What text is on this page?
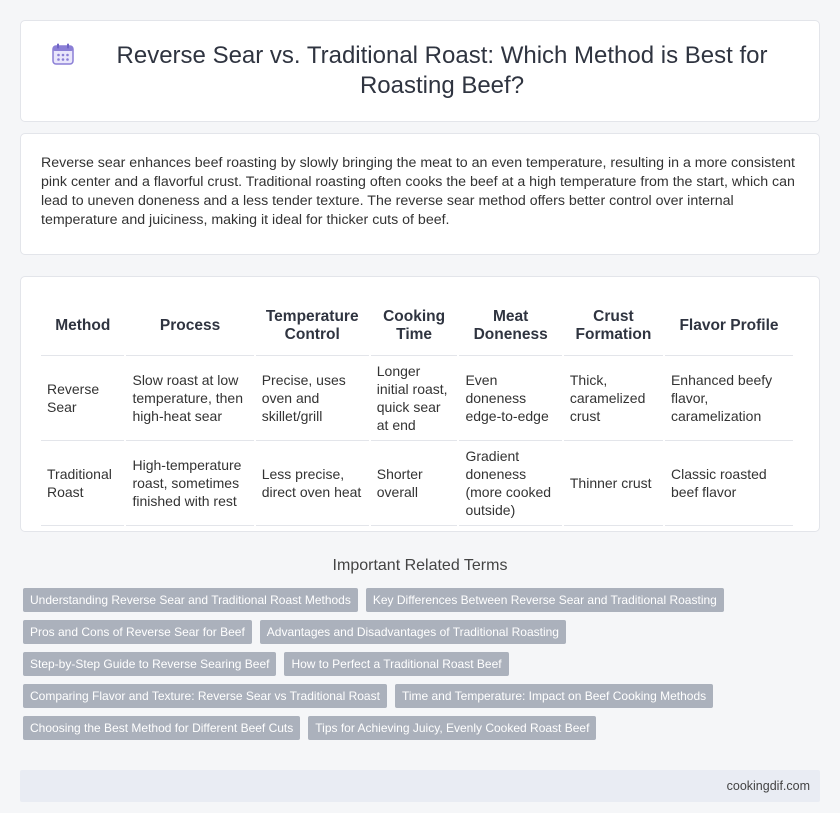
Reverse Sear vs. Traditional Roast: Which Method is Best for Roasting Beef?

Reverse sear enhances beef roasting by slowly bringing the meat to an even temperature, resulting in a more consistent pink center and a flavorful crust. Traditional roasting often cooks the beef at a high temperature from the start, which can lead to uneven doneness and a less tender texture. The reverse sear method offers better control over internal temperature and juiciness, making it ideal for thicker cuts of beef.

Method	Process	Temperature Control	Cooking Time	Meat Doneness	Crust Formation	Flavor Profile
Reverse Sear	Slow roast at low temperature, then high-heat sear	Precise, uses oven and skillet/grill	Longer initial roast, quick sear at end	Even doneness edge-to-edge	Thick, caramelized crust	Enhanced beefy flavor, caramelization
Traditional Roast	High-temperature roast, sometimes finished with rest	Less precise, direct oven heat	Shorter overall	Gradient doneness (more cooked outside)	Thinner crust	Classic roasted beef flavor
Important Related Terms
Understanding Reverse Sear and Traditional Roast Methods	Key Differences Between Reverse Sear and Traditional Roasting
Pros and Cons of Reverse Sear for Beef	Advantages and Disadvantages of Traditional Roasting
Step-by-Step Guide to Reverse Searing Beef	How to Perfect a Traditional Roast Beef
Comparing Flavor and Texture: Reverse Sear vs Traditional Roast	Time and Temperature: Impact on Beef Cooking Methods
Choosing the Best Method for Different Beef Cuts	Tips for Achieving Juicy, Evenly Cooked Roast Beef
cookingdif.com
